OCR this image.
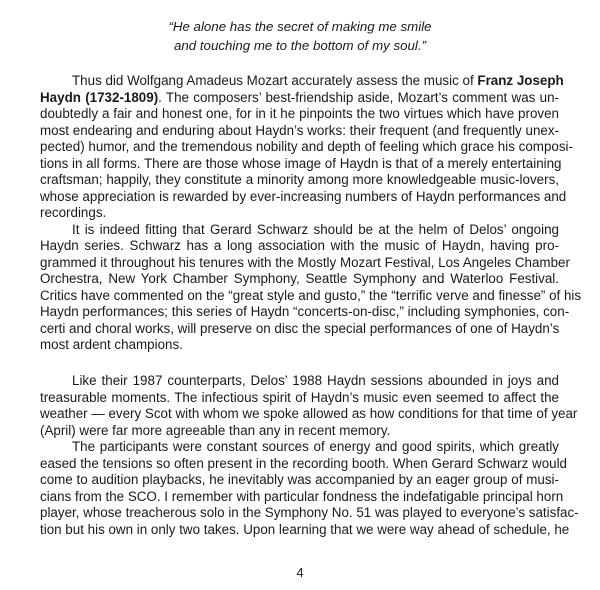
“He alone has the secret of making me smile
and touching me to the bottom of my soul.”
Thus did Wolfgang Amadeus Mozart accurately assess the music of Franz Joseph
Haydn (1732-1809). The composers’ best-friendship aside, Mozart’s comment was un-
doubtedly a fair and honest one, for in it he pinpoints the two virtues which have proven
most endearing and enduring about Haydn’s works: their frequent (and frequently unex-
pected) humor, and the tremendous nobility and depth of feeling which grace his composi-
tions in all forms. There are those whose image of Haydn is that of a merely entertaining
craftsman; happily, they constitute a minority among more knowledgeable music-lovers,
whose appreciation is rewarded by ever-increasing numbers of Haydn performances and
recordings.
It is indeed fitting that Gerard Schwarz should be at the helm of Delos’ ongoing
Haydn series. Schwarz has a long association with the music of Haydn, having pro-
grammed it throughout his tenures with the Mostly Mozart Festival, Los Angeles Chamber
Orchestra, New York Chamber Symphony, Seattle Symphony and Waterloo Festival.
Critics have commented on the “great style and gusto,” the “terrific verve and finesse” of his
Haydn performances; this series of Haydn “concerts-on-disc,” including symphonies, con-
certi and choral works, will preserve on disc the special performances of one of Haydn’s
most ardent champions.
Like their 1987 counterparts, Delos’ 1988 Haydn sessions abounded in joys and
treasurable moments. The infectious spirit of Haydn’s music even seemed to affect the
weather — every Scot with whom we spoke allowed as how conditions for that time of year
(April) were far more agreeable than any in recent memory.
The participants were constant sources of energy and good spirits, which greatly
eased the tensions so often present in the recording booth. When Gerard Schwarz would
come to audition playbacks, he inevitably was accompanied by an eager group of musi-
cians from the SCO. I remember with particular fondness the indefatigable principal horn
player, whose treacherous solo in the Symphony No. 51 was played to everyone’s satisfac-
tion but his own in only two takes. Upon learning that we were way ahead of schedule, he
4
